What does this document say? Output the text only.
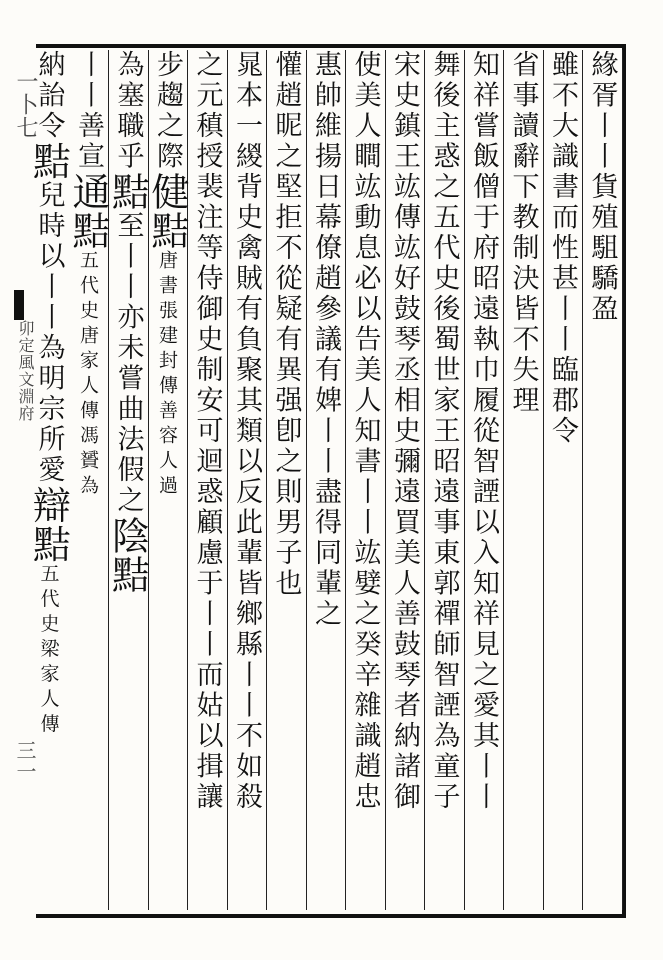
一卜七
卯定風文淵府
三一
緣胥丨丨貨殖駔驕盈
雖不大識書而性甚丨丨臨郡令
省事讀辭下教制決皆不失理
知祥嘗飯僧于府昭遠執巾履從智諲以入知祥見之愛其丨丨
舞後主惑之五代史後蜀世家王昭遠事東郭禪師智諲為童子
宋史鎮王竑傳竑好鼓琴丞相史彌遠買美人善鼓琴者納諸御
使美人瞷竑動息必以告美人知書丨丨竑嬖之癸辛雜識趙忠
惠帥維揚日幕僚趙參議有婢丨丨盡得同輩之
懽趙昵之堅拒不從疑有異强卽之則男子也
晁本一緵背史禽賊有負聚其類以反此輩皆鄉縣丨丨不如殺
之元稹授裴注等侍御史制安可迴惑顧慮于丨丨而姑以揖讓
步趨之際健黠唐書張建封傳善容人過
為塞職乎黠至丨丨亦未嘗曲法假之陰黠
丨丨善宣通黠五代史唐家人傳馮贇為
納詒令黠兒時以丨丨為明宗所愛辯黠五代史梁家人傳
